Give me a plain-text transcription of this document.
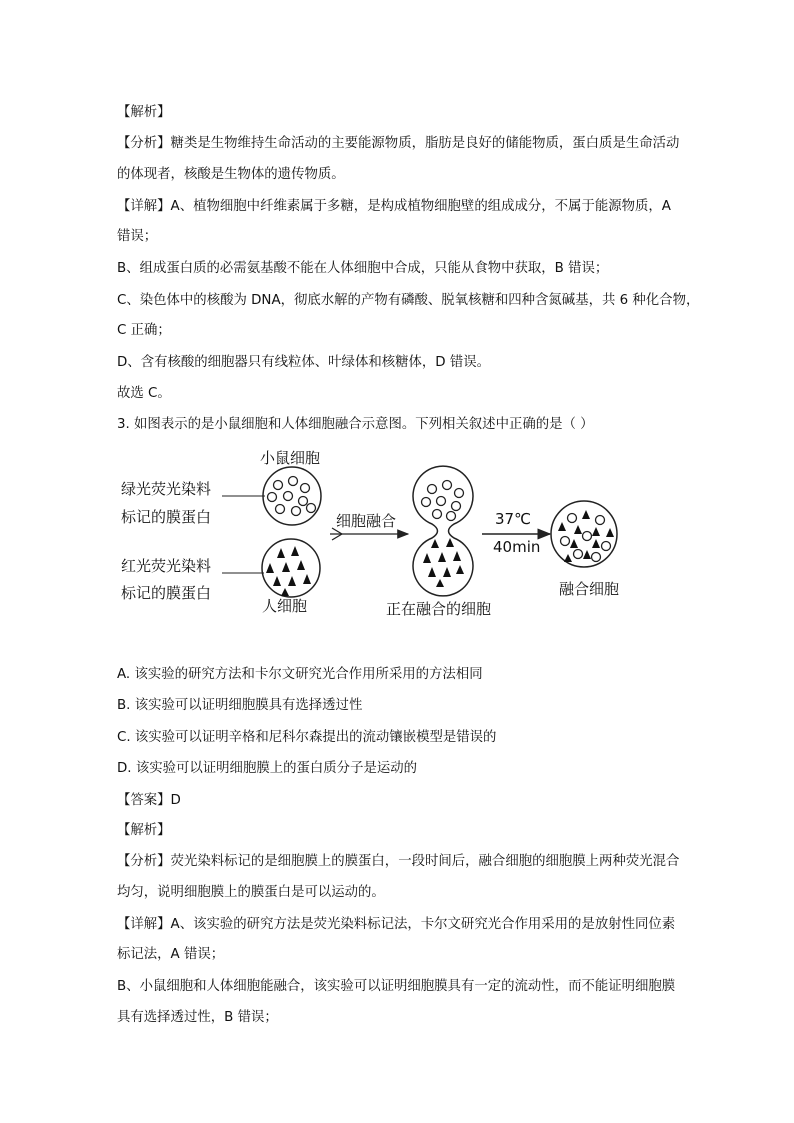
【解析】
【分析】糖类是生物维持生命活动的主要能源物质，脂肪是良好的储能物质，蛋白质是生命活动
的体现者，核酸是生物体的遗传物质。
【详解】A、植物细胞中纤维素属于多糖，是构成植物细胞壁的组成成分，不属于能源物质，A
错误；
B、组成蛋白质的必需氨基酸不能在人体细胞中合成，只能从食物中获取，B 错误；
C、染色体中的核酸为 DNA，彻底水解的产物有磷酸、脱氧核糖和四种含氮碱基，共 6 种化合物，
C 正确；
D、含有核酸的细胞器只有线粒体、叶绿体和核糖体，D 错误。
故选 C。
3. 如图表示的是小鼠细胞和人体细胞融合示意图。下列相关叙述中正确的是（ ）
小鼠细胞
绿光荧光染料
标记的膜蛋白
红光荧光染料
标记的膜蛋白
人细胞
细胞融合
正在融合的细胞
37℃
40min
融合细胞
A. 该实验的研究方法和卡尔文研究光合作用所采用的方法相同
B. 该实验可以证明细胞膜具有选择透过性
C. 该实验可以证明辛格和尼科尔森提出的流动镶嵌模型是错误的
D. 该实验可以证明细胞膜上的蛋白质分子是运动的
【答案】D
【解析】
【分析】荧光染料标记的是细胞膜上的膜蛋白，一段时间后，融合细胞的细胞膜上两种荧光混合
均匀，说明细胞膜上的膜蛋白是可以运动的。
【详解】A、该实验的研究方法是荧光染料标记法，卡尔文研究光合作用采用的是放射性同位素
标记法，A 错误；
B、小鼠细胞和人体细胞能融合，该实验可以证明细胞膜具有一定的流动性，而不能证明细胞膜
具有选择透过性，B 错误；
